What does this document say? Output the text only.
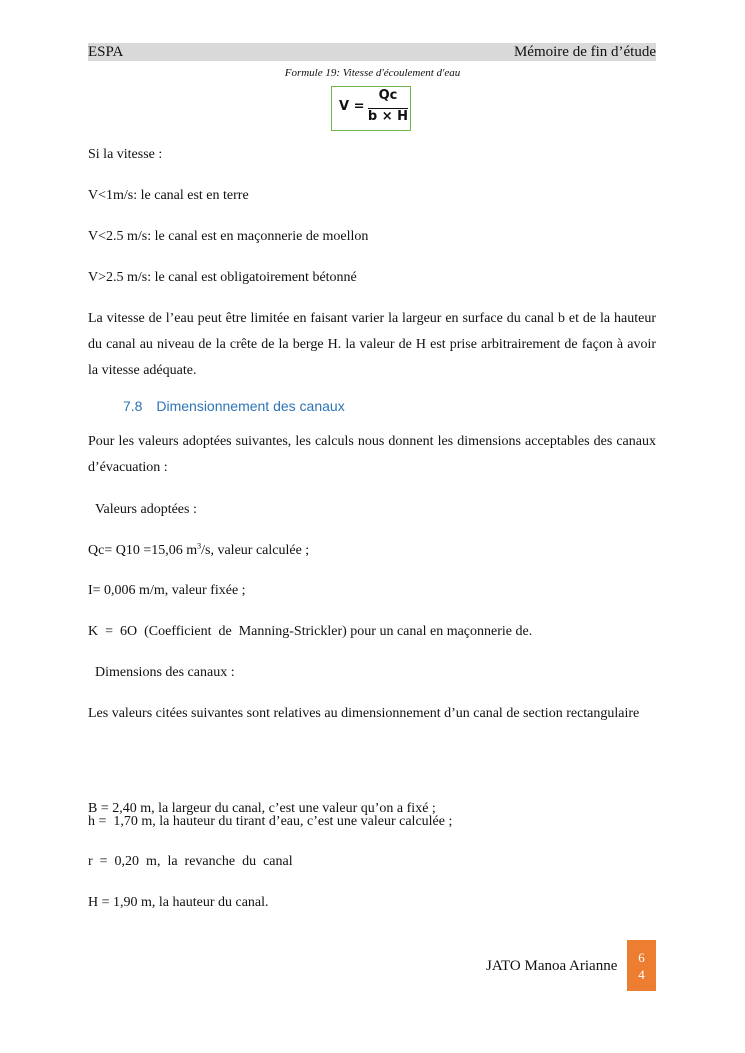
ESPA	Mémoire de fin d’étude
Formule 19: Vitesse d'écoulement d'eau
V =
Qc
b × H
Si la vitesse :
V<1m/s: le canal est en terre
V<2.5 m/s: le canal est en maçonnerie de moellon
V>2.5 m/s: le canal est obligatoirement bétonné
La vitesse de l’eau peut être limitée en faisant varier la largeur en surface du canal b et de la hauteur du canal au niveau de la crête de la berge H. la valeur de H est prise arbitrairement de façon à avoir la vitesse adéquate.
7.8 Dimensionnement des canaux
Pour les valeurs adoptées suivantes, les calculs nous donnent les dimensions acceptables des canaux d’évacuation :
Valeurs adoptées :
Qc= Q10 =15,06 $m^3/s$, valeur calculée ;
I= 0,006 m/m, valeur fixée ;
K  =  6O  (Coefficient  de  Manning-Strickler) pour un canal en maçonnerie de.
Dimensions des canaux :
Les valeurs citées suivantes sont relatives au dimensionnement d’un canal de section rectangulaire
B = 2,40 m, la largeur du canal, c’est une valeur qu’on a fixé ;
h =  1,70 m, la hauteur du tirant d’eau, c’est une valeur calculée ;
r  =  0,20  m,  la  revanche  du  canal
H = 1,90 m, la hauteur du canal.
JATO Manoa Arianne
6
4
